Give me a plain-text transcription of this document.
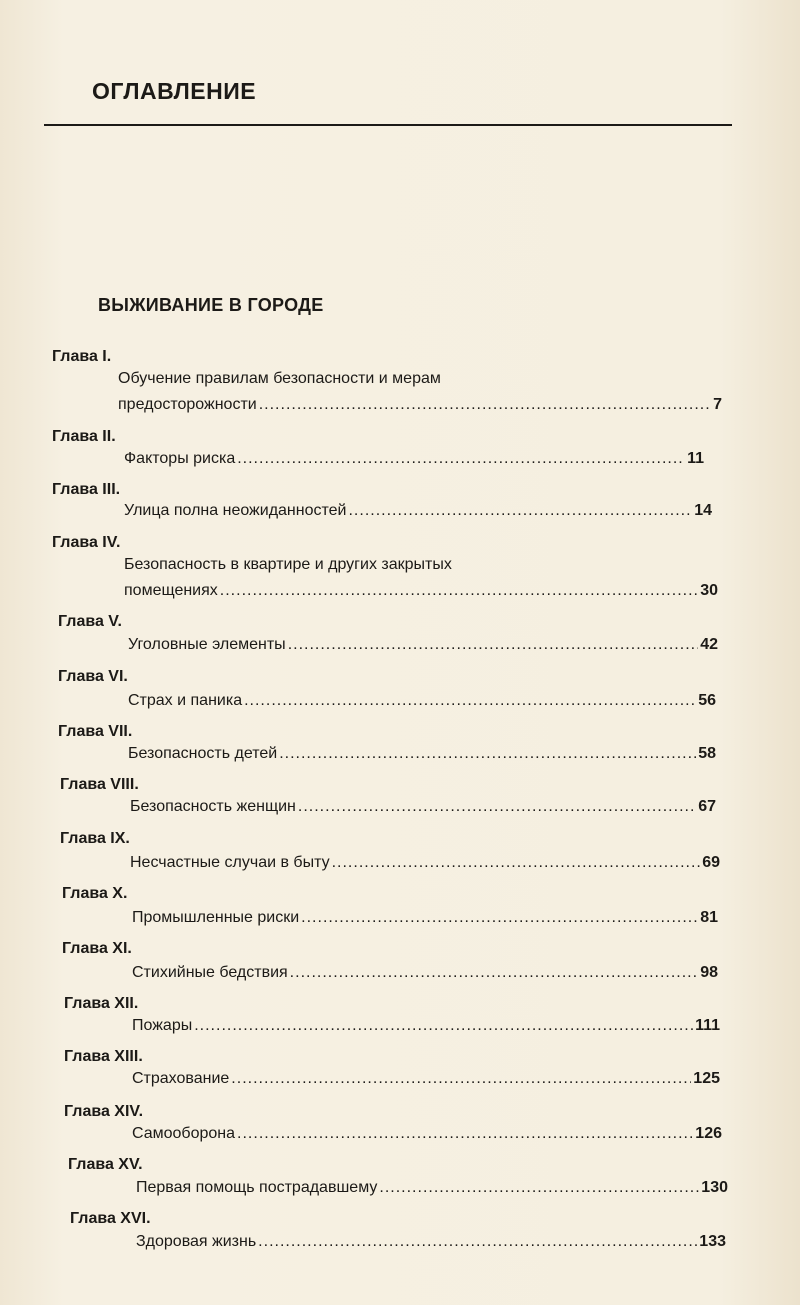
ОГЛАВЛЕНИЕ
ВЫЖИВАНИЕ В ГОРОДЕ
Глава I.
Обучение правилам безопасности и мерам
предосторожности .....	7
Глава II.
Факторы риска .....	11
Глава III.
Улица полна неожиданностей .....	14
Глава IV.
Безопасность в квартире и других закрытых
помещениях .....	30
Глава V.
Уголовные элементы .....	42
Глава VI.
Страх и паника .....	56
Глава VII.
Безопасность детей .....	58
Глава VIII.
Безопасность женщин .....	67
Глава IX.
Несчастные случаи в быту .....	69
Глава X.
Промышленные риски .....	81
Глава XI.
Стихийные бедствия .....	98
Глава XII.
Пожары .....	111
Глава XIII.
Страхование .....	125
Глава XIV.
Самооборона .....	126
Глава XV.
Первая помощь пострадавшему .....	130
Глава XVI.
Здоровая жизнь .....	133
